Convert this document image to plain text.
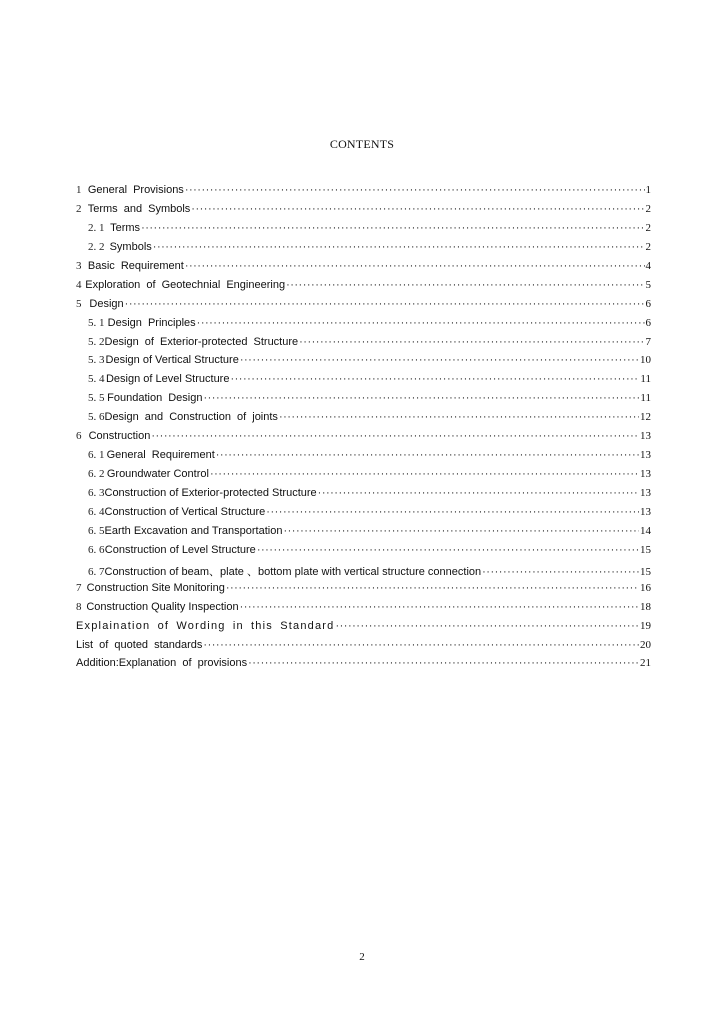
CONTENTS
1 General Provisions ·····	1
2 Terms and Symbols ·····	2
2. 1 Terms ·····	2
2. 2 Symbols ·····	2
3 Basic Requirement ·····	4
4 Exploration of Geotechnial Engineering ·····	5
5 Design ·····	6
5. 1 Design Principles ·····	6
5. 2 Design of Exterior-protected Structure ·····	7
5. 3 Design of Vertical Structure ·····	10
5. 4 Design of Level Structure ·····	11
5. 5 Foundation Design ·····	11
5. 6 Design and Construction of joints ·····	12
6 Construction ·····	13
6. 1 General Requirement ·····	13
6. 2 Groundwater Control ·····	13
6. 3 Construction of Exterior-protected Structure ·····	13
6. 4 Construction of Vertical Structure ·····	13
6. 5 Earth Excavation and Transportation ·····	14
6. 6 Construction of Level Structure ·····	15
6. 7 Construction of beam、plate 、bottom plate with vertical structure connection ·····	15
7 Construction Site Monitoring ·····	16
8 Construction Quality Inspection ·····	18
Explaination of Wording in this Standard ·····	19
List of quoted standards ·····	20
Addition:Explanation of provisions ·····	21
2
